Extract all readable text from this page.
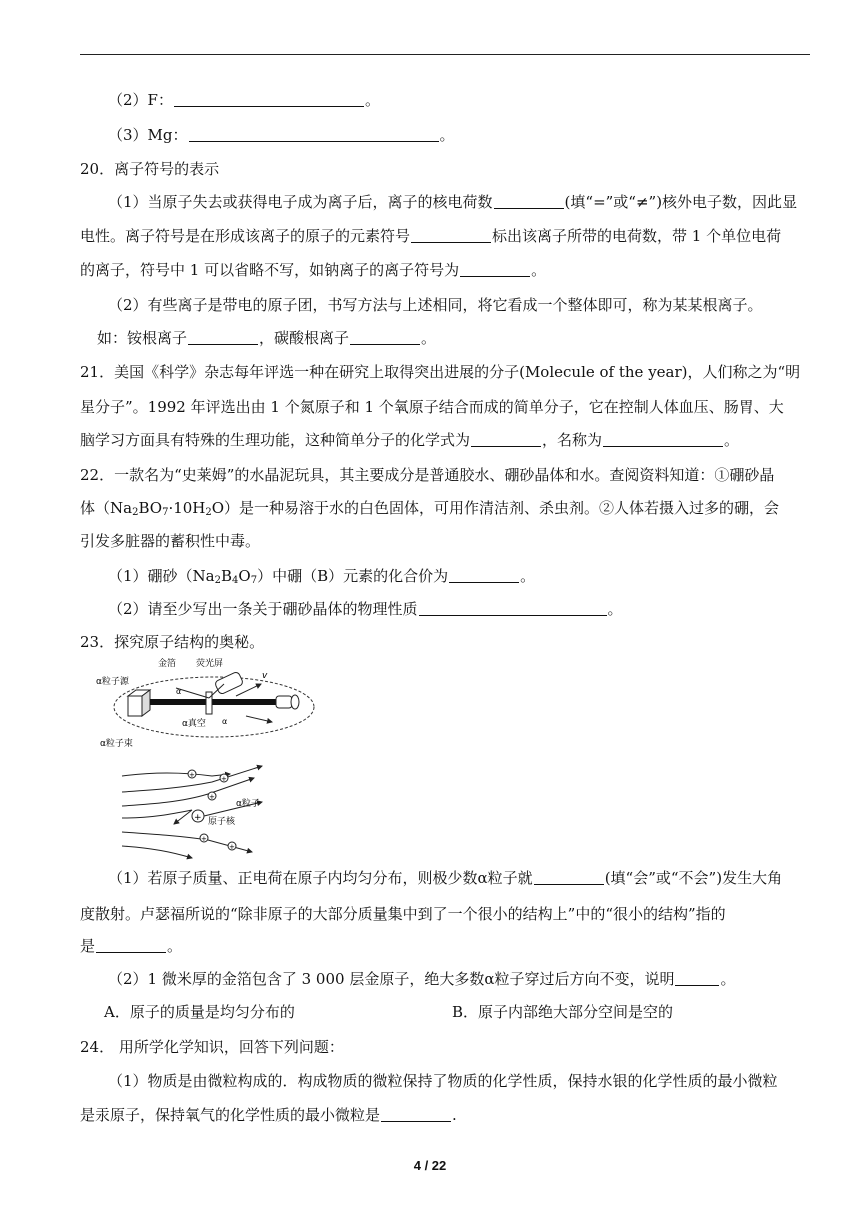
（2）F：	。
（3）Mg：	。
20．离子符号的表示
（1）当原子失去或获得电子成为离子后，离子的核电荷数	(填“=”或“≠”)核外电子数，因此显
电性。离子符号是在形成该离子的原子的元素符号	标出该离子所带的电荷数，带 1 个单位电荷
的离子，符号中 1 可以省略不写，如钠离子的离子符号为	。
（2）有些离子是带电的原子团，书写方法与上述相同，将它看成一个整体即可，称为某某根离子。
如：铵根离子	，碳酸根离子	。
21．美国《科学》杂志每年评选一种在研究上取得突出进展的分子(Molecule of the year)，人们称之为“明
星分子”。1992 年评选出由 1 个氮原子和 1 个氧原子结合而成的简单分子，它在控制人体血压、肠胃、大
脑学习方面具有特殊的生理功能，这种简单分子的化学式为	，名称为	。
22．一款名为“史莱姆”的水晶泥玩具，其主要成分是普通胶水、硼砂晶体和水。查阅资料知道：①硼砂晶
体$(Na_2BO_7\cdot 10H_2O)$是一种易溶于水的白色固体，可用作清洁剂、杀虫剂。②人体若摄入过多的硼，会
引发多脏器的蓄积性中毒。
（1）硼砂$(Na_2B_4O_7)$中硼（B）元素的化合价为	。
（2）请至少写出一条关于硼砂晶体的物理性质	。
23．探究原子结构的奥秘。
金箔 荧光屏
α粒子源
α真空 α
α
v
α粒子束
+	+
+
+
+
+
α粒子
原子核
（1）若原子质量、正电荷在原子内均匀分布，则极少数α粒子就	(填“会”或“不会”)发生大角
度散射。卢瑟福所说的“除非原子的大部分质量集中到了一个很小的结构上”中的“很小的结构”指的
是	。
（2）1 微米厚的金箔包含了 3 000 层金原子，绝大多数α粒子穿过后方向不变，说明	。
A．原子的质量是均匀分布的	B．原子内部绝大部分空间是空的
24． 用所学化学知识，回答下列问题：
（1）物质是由微粒构成的．构成物质的微粒保持了物质的化学性质，保持水银的化学性质的最小微粒
是汞原子，保持氧气的化学性质的最小微粒是	.
4 / 22
